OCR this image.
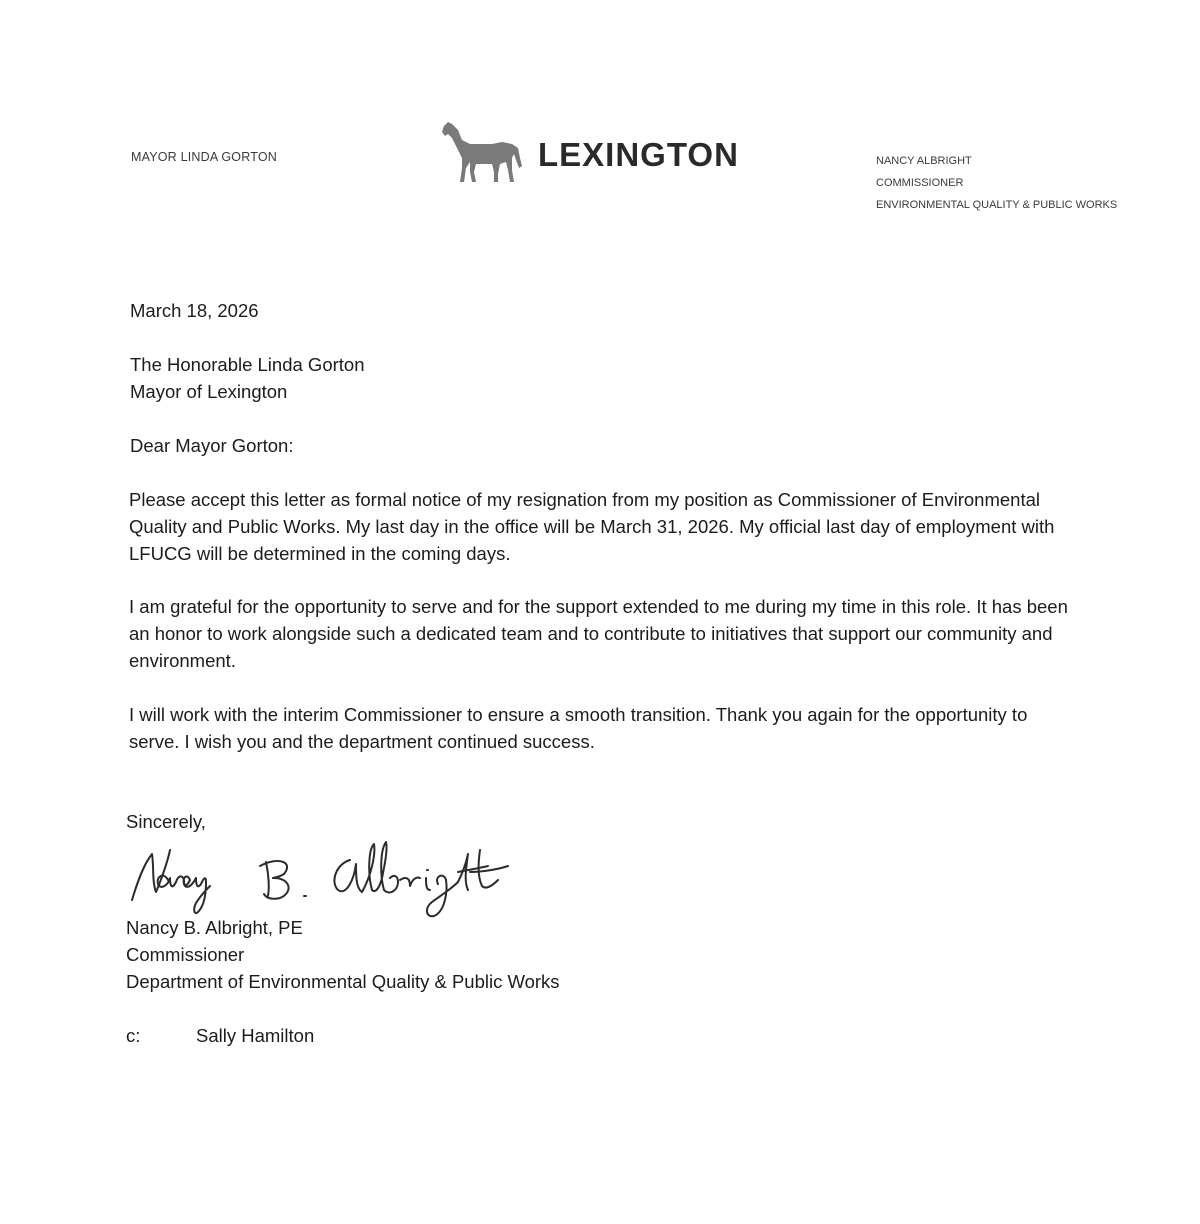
MAYOR LINDA GORTON	LEXINGTON	NANCY ALBRIGHT
COMMISSIONER
ENVIRONMENTAL QUALITY & PUBLIC WORKS
March 18, 2026
The Honorable Linda Gorton
Mayor of Lexington
Dear Mayor Gorton:

Please accept this letter as formal notice of my resignation from my position as Commissioner of Environmental Quality and Public Works. My last day in the office will be March 31, 2026. My official last day of employment with LFUCG will be determined in the coming days.

I am grateful for the opportunity to serve and for the support extended to me during my time in this role. It has been an honor to work alongside such a dedicated team and to contribute to initiatives that support our community and environment.

I will work with the interim Commissioner to ensure a smooth transition. Thank you again for the opportunity to serve. I wish you and the department continued success.

Sincerely,
Nancy B. Albright, PE
Commissioner
Department of Environmental Quality & Public Works
c:	Sally Hamilton
